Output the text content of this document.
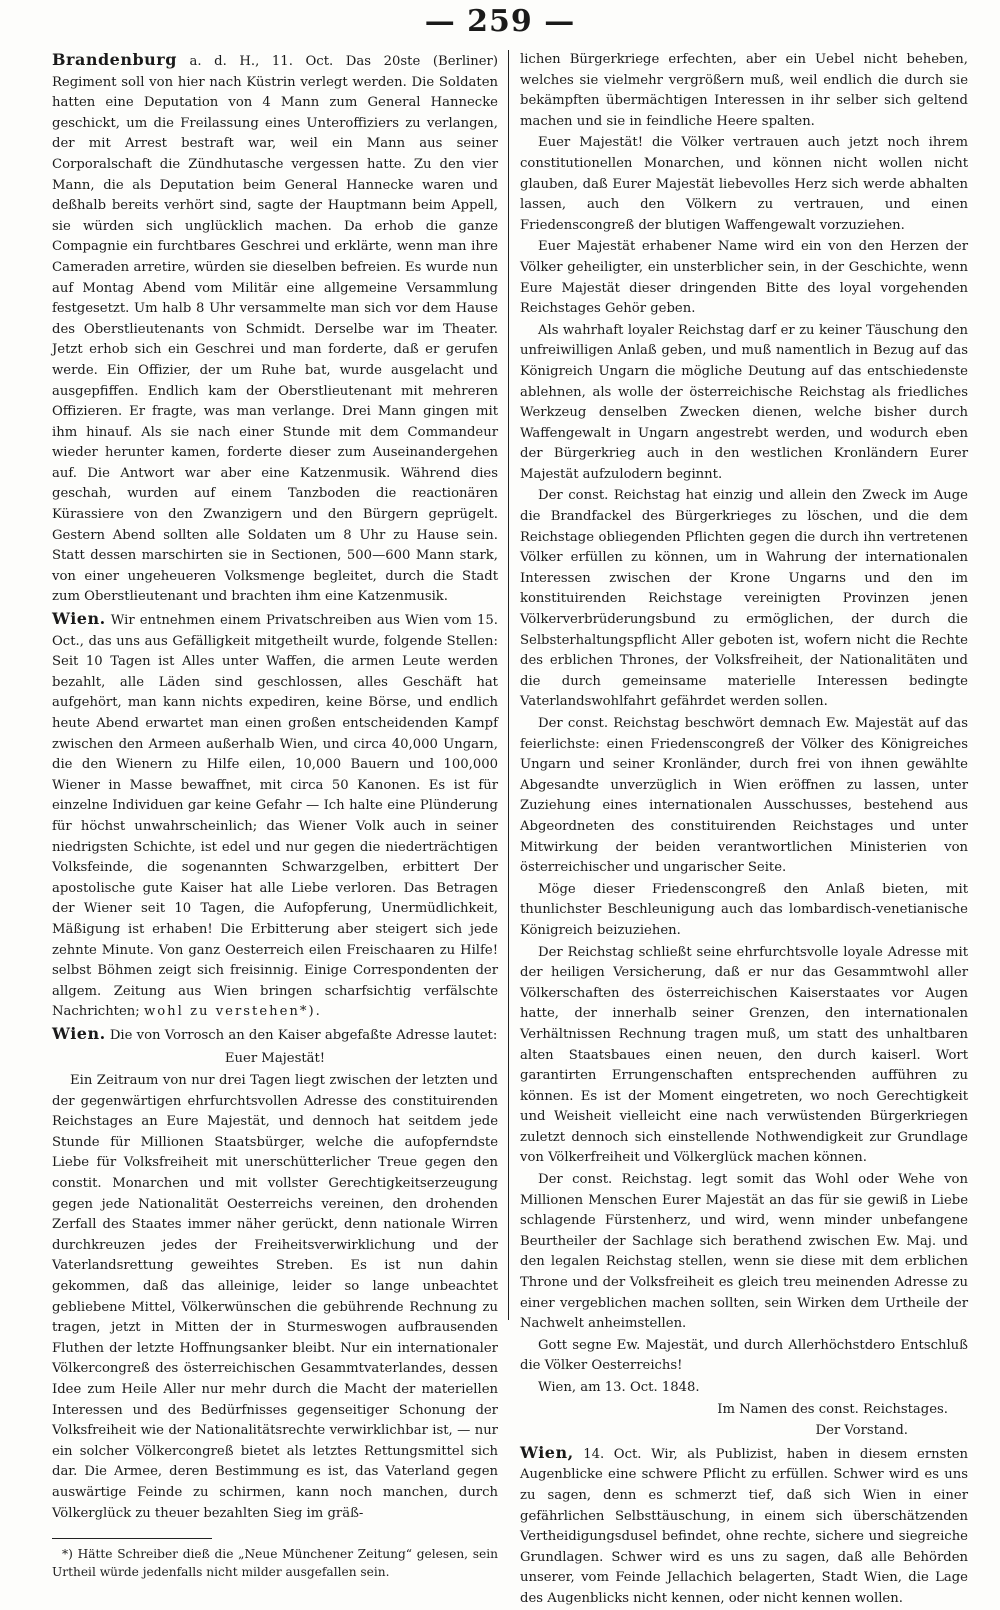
— 259 —

Brandenburg a. d. H., 11. Oct. Das 20ste (Berliner) Regiment soll von hier nach Küstrin verlegt werden. Die Soldaten hatten eine Deputation von 4 Mann zum General Hannecke geschickt, um die Freilassung eines Unteroffiziers zu verlangen, der mit Arrest bestraft war, weil ein Mann aus seiner Corporalschaft die Zündhutasche vergessen hatte. Zu den vier Mann, die als Deputation beim General Hannecke waren und deßhalb bereits verhört sind, sagte der Hauptmann beim Appell, sie würden sich unglücklich machen. Da erhob die ganze Compagnie ein furchtbares Geschrei und erklärte, wenn man ihre Cameraden arretire, würden sie dieselben befreien. Es wurde nun auf Montag Abend vom Militär eine allgemeine Versammlung festgesetzt. Um halb 8 Uhr versammelte man sich vor dem Hause des Oberstlieutenants von Schmidt. Derselbe war im Theater. Jetzt erhob sich ein Geschrei und man forderte, daß er gerufen werde. Ein Offizier, der um Ruhe bat, wurde ausgelacht und ausgepfiffen. Endlich kam der Oberstlieutenant mit mehreren Offizieren. Er fragte, was man verlange. Drei Mann gingen mit ihm hinauf. Als sie nach einer Stunde mit dem Commandeur wieder herunter kamen, forderte dieser zum Auseinandergehen auf. Die Antwort war aber eine Katzenmusik. Während dies geschah, wurden auf einem Tanzboden die reactionären Kürassiere von den Zwanzigern und den Bürgern geprügelt. Gestern Abend sollten alle Soldaten um 8 Uhr zu Hause sein. Statt dessen marschirten sie in Sectionen, 500—600 Mann stark, von einer ungeheueren Volksmenge begleitet, durch die Stadt zum Oberstlieutenant und brachten ihm eine Katzenmusik.

Wien. Wir entnehmen einem Privatschreiben aus Wien vom 15. Oct., das uns aus Gefälligkeit mitgetheilt wurde, folgende Stellen: Seit 10 Tagen ist Alles unter Waffen, die armen Leute werden bezahlt, alle Läden sind geschlossen, alles Geschäft hat aufgehört, man kann nichts expediren, keine Börse, und endlich heute Abend erwartet man einen großen entscheidenden Kampf zwischen den Armeen außerhalb Wien, und circa 40,000 Ungarn, die den Wienern zu Hilfe eilen, 10,000 Bauern und 100,000 Wiener in Masse bewaffnet, mit circa 50 Kanonen. Es ist für einzelne Individuen gar keine Gefahr — Ich halte eine Plünderung für höchst unwahrscheinlich; das Wiener Volk auch in seiner niedrigsten Schichte, ist edel und nur gegen die niederträchtigen Volksfeinde, die sogenannten Schwarzgelben, erbittert Der apostolische gute Kaiser hat alle Liebe verloren. Das Betragen der Wiener seit 10 Tagen, die Aufopferung, Unermüdlichkeit, Mäßigung ist erhaben! Die Erbitterung aber steigert sich jede zehnte Minute. Von ganz Oesterreich eilen Freischaaren zu Hilfe! selbst Böhmen zeigt sich freisinnig. Einige Correspondenten der allgem. Zeitung aus Wien bringen scharfsichtig verfälschte Nachrichten; wohl zu verstehen*).

Wien. Die von Vorrosch an den Kaiser abgefaßte Adresse lautet:

Euer Majestät!

Ein Zeitraum von nur drei Tagen liegt zwischen der letzten und der gegenwärtigen ehrfurchtsvollen Adresse des constituirenden Reichstages an Eure Majestät, und dennoch hat seitdem jede Stunde für Millionen Staatsbürger, welche die aufopferndste Liebe für Volksfreiheit mit unerschütterlicher Treue gegen den constit. Monarchen und mit vollster Gerechtigkeitserzeugung gegen jede Nationalität Oesterreichs vereinen, den drohenden Zerfall des Staates immer näher gerückt, denn nationale Wirren durchkreuzen jedes der Freiheitsverwirklichung und der Vaterlandsrettung geweihtes Streben. Es ist nun dahin gekommen, daß das alleinige, leider so lange unbeachtet gebliebene Mittel, Völkerwünschen die gebührende Rechnung zu tragen, jetzt in Mitten der in Sturmeswogen aufbrausenden Fluthen der letzte Hoffnungsanker bleibt. Nur ein internationaler Völkercongreß des österreichischen Gesammtvaterlandes, dessen Idee zum Heile Aller nur mehr durch die Macht der materiellen Interessen und des Bedürfnisses gegenseitiger Schonung der Volksfreiheit wie der Nationalitätsrechte verwirklichbar ist, — nur ein solcher Völkercongreß bietet als letztes Rettungsmittel sich dar. Die Armee, deren Bestimmung es ist, das Vaterland gegen auswärtige Feinde zu schirmen, kann noch manchen, durch Völkerglück zu theuer bezahlten Sieg im gräß-

*) Hätte Schreiber dieß die „Neue Münchener Zeitung“ gelesen, sein Urtheil würde jedenfalls nicht milder ausgefallen sein.

lichen Bürgerkriege erfechten, aber ein Uebel nicht beheben, welches sie vielmehr vergrößern muß, weil endlich die durch sie bekämpften übermächtigen Interessen in ihr selber sich geltend machen und sie in feindliche Heere spalten.

Euer Majestät! die Völker vertrauen auch jetzt noch ihrem constitutionellen Monarchen, und können nicht wollen nicht glauben, daß Eurer Majestät liebevolles Herz sich werde abhalten lassen, auch den Völkern zu vertrauen, und einen Friedenscongreß der blutigen Waffengewalt vorzuziehen.

Euer Majestät erhabener Name wird ein von den Herzen der Völker geheiligter, ein unsterblicher sein, in der Geschichte, wenn Eure Majestät dieser dringenden Bitte des loyal vorgehenden Reichstages Gehör geben.

Als wahrhaft loyaler Reichstag darf er zu keiner Täuschung den unfreiwilligen Anlaß geben, und muß namentlich in Bezug auf das Königreich Ungarn die mögliche Deutung auf das entschiedenste ablehnen, als wolle der österreichische Reichstag als friedliches Werkzeug denselben Zwecken dienen, welche bisher durch Waffengewalt in Ungarn angestrebt werden, und wodurch eben der Bürgerkrieg auch in den westlichen Kronländern Eurer Majestät aufzulodern beginnt.

Der const. Reichstag hat einzig und allein den Zweck im Auge die Brandfackel des Bürgerkrieges zu löschen, und die dem Reichstage obliegenden Pflichten gegen die durch ihn vertretenen Völker erfüllen zu können, um in Wahrung der internationalen Interessen zwischen der Krone Ungarns und den im konstituirenden Reichstage vereinigten Provinzen jenen Völkerverbrüderungsbund zu ermöglichen, der durch die Selbsterhaltungspflicht Aller geboten ist, wofern nicht die Rechte des erblichen Thrones, der Volksfreiheit, der Nationalitäten und die durch gemeinsame materielle Interessen bedingte Vaterlandswohlfahrt gefährdet werden sollen.

Der const. Reichstag beschwört demnach Ew. Majestät auf das feierlichste: einen Friedenscongreß der Völker des Königreiches Ungarn und seiner Kronländer, durch frei von ihnen gewählte Abgesandte unverzüglich in Wien eröffnen zu lassen, unter Zuziehung eines internationalen Ausschusses, bestehend aus Abgeordneten des constituirenden Reichstages und unter Mitwirkung der beiden verantwortlichen Ministerien von österreichischer und ungarischer Seite.

Möge dieser Friedenscongreß den Anlaß bieten, mit thunlichster Beschleunigung auch das lombardisch-venetianische Königreich beizuziehen.

Der Reichstag schließt seine ehrfurchtsvolle loyale Adresse mit der heiligen Versicherung, daß er nur das Gesammtwohl aller Völkerschaften des österreichischen Kaiserstaates vor Augen hatte, der innerhalb seiner Grenzen, den internationalen Verhältnissen Rechnung tragen muß, um statt des unhaltbaren alten Staatsbaues einen neuen, den durch kaiserl. Wort garantirten Errungenschaften entsprechenden aufführen zu können. Es ist der Moment eingetreten, wo noch Gerechtigkeit und Weisheit vielleicht eine nach verwüstenden Bürgerkriegen zuletzt dennoch sich einstellende Nothwendigkeit zur Grundlage von Völkerfreiheit und Völkerglück machen können.

Der const. Reichstag. legt somit das Wohl oder Wehe von Millionen Menschen Eurer Majestät an das für sie gewiß in Liebe schlagende Fürstenherz, und wird, wenn minder unbefangene Beurtheiler der Sachlage sich berathend zwischen Ew. Maj. und den legalen Reichstag stellen, wenn sie diese mit dem erblichen Throne und der Volksfreiheit es gleich treu meinenden Adresse zu einer vergeblichen machen sollten, sein Wirken dem Urtheile der Nachwelt anheimstellen.

Gott segne Ew. Majestät, und durch Allerhöchstdero Entschluß die Völker Oesterreichs!

Wien, am 13. Oct. 1848.

Im Namen des const. Reichstages.

Der Vorstand.

Wien, 14. Oct. Wir, als Publizist, haben in diesem ernsten Augenblicke eine schwere Pflicht zu erfüllen. Schwer wird es uns zu sagen, denn es schmerzt tief, daß sich Wien in einer gefährlichen Selbsttäuschung, in einem sich überschätzenden Vertheidigungsdusel befindet, ohne rechte, sichere und siegreiche Grundlagen. Schwer wird es uns zu sagen, daß alle Behörden unserer, vom Feinde Jellachich belagerten, Stadt Wien, die Lage des Augenblicks nicht kennen, oder nicht kennen wollen.
